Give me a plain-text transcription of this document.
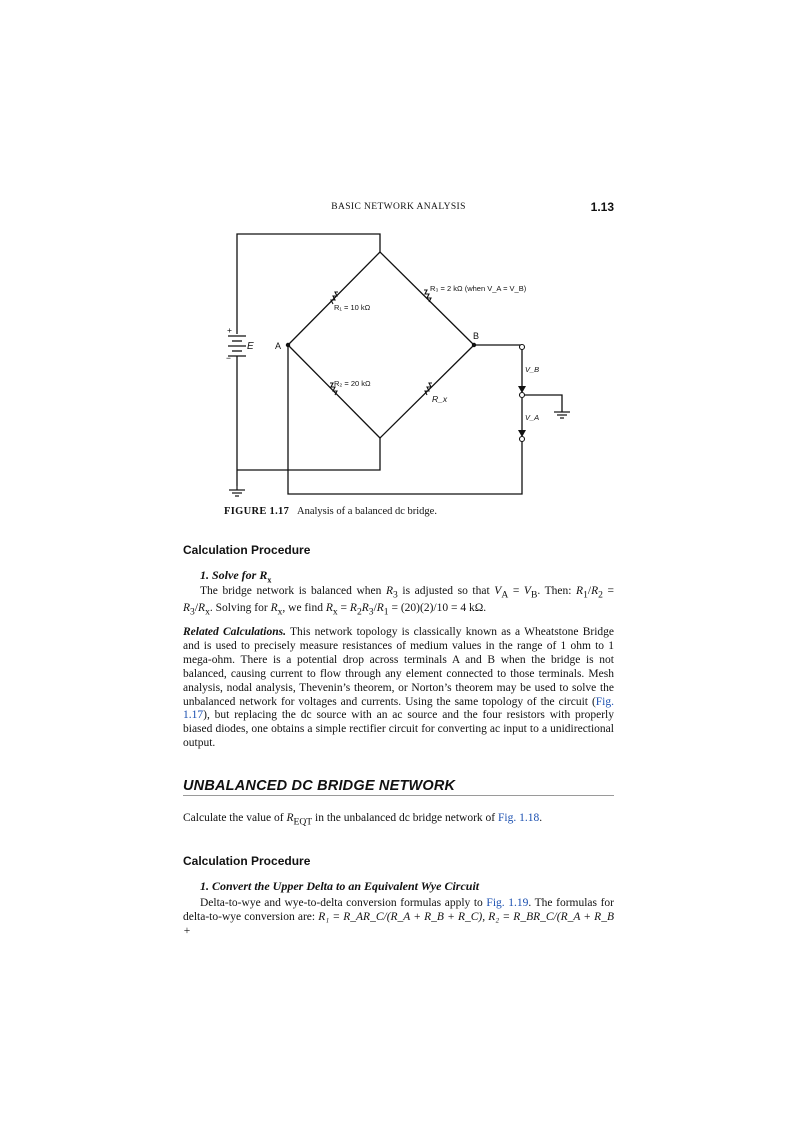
BASIC NETWORK ANALYSIS	1.13
+
−
E A
B
R₁ = 10 kΩ
R₂ = 20 kΩ
R₃ = 2 kΩ (when V_A = V_B)
R_x
V_B
V_A
FIGURE 1.17 Analysis of a balanced dc bridge.
Calculation Procedure
1. Solve for $R_x$
The bridge network is balanced when $R_3$ is adjusted so that $V_A = V_B$. Then: $R_1/R_2 = R_3/R_x$. Solving for $R_x$, we find $R_x = R_2R_3/R_1 = (20)(2)/10 = 4$ kΩ.
Related Calculations. This network topology is classically known as a Wheatstone Bridge and is used to precisely measure resistances of medium values in the range of 1 ohm to 1 mega-ohm. There is a potential drop across terminals A and B when the bridge is not balanced, causing current to flow through any element connected to those terminals. Mesh analysis, nodal analysis, Thevenin’s theorem, or Norton’s theorem may be used to solve the unbalanced network for voltages and currents. Using the same topology of the circuit (Fig. 1.17), but replacing the dc source with an ac source and the four resistors with properly biased diodes, one obtains a simple rectifier circuit for converting ac input to a unidirectional output.
UNBALANCED DC BRIDGE NETWORK
Calculate the value of $R_{EQT}$ in the unbalanced dc bridge network of Fig. 1.18.
Calculation Procedure
1. Convert the Upper Delta to an Equivalent Wye Circuit
Delta-to-wye and wye-to-delta conversion formulas apply to Fig. 1.19. The formulas for delta-to-wye conversion are: R₁ = R_AR_C/(R_A + R_B + R_C), R₂ = R_BR_C/(R_A + R_B +
